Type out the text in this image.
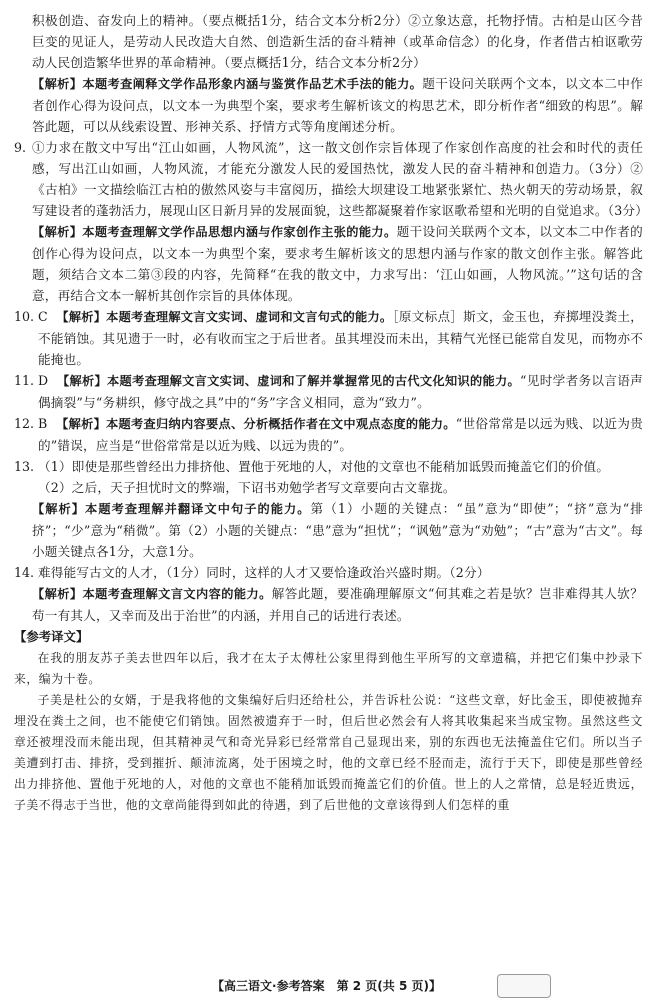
积极创造、奋发向上的精神。（要点概括1分，结合文本分析2分）②立象达意，托物抒情。古柏是山区今昔巨变的见证人，是劳动人民改造大自然、创造新生活的奋斗精神（或革命信念）的化身，作者借古柏讴歌劳动人民创造繁华世界的革命精神。（要点概括1分，结合文本分析2分）

【解析】本题考查阐释文学作品形象内涵与鉴赏作品艺术手法的能力。题干设问关联两个文本，以文本二中作者创作心得为设问点，以文本一为典型个案，要求考生解析该文的构思艺术，即分析作者“细致的构思”。解答此题，可以从线索设置、形神关系、抒情方式等角度阐述分析。

9. ①力求在散文中写出“江山如画，人物风流”，这一散文创作宗旨体现了作家创作高度的社会和时代的责任感，写出江山如画，人物风流，才能充分激发人民的爱国热忱，激发人民的奋斗精神和创造力。（3分）②《古柏》一文描绘临江古柏的傲然风姿与丰富阅历，描绘大坝建设工地紧张紧忙、热火朝天的劳动场景，叙写建设者的蓬勃活力，展现山区日新月异的发展面貌，这些都凝聚着作家讴歌希望和光明的自觉追求。（3分）

【解析】本题考查理解文学作品思想内涵与作家创作主张的能力。题干设问关联两个文本，以文本二中作者的创作心得为设问点，以文本一为典型个案，要求考生解析该文的思想内涵与作家的散文创作主张。解答此题，须结合文本二第③段的内容，先简释“在我的散文中，力求写出：‘江山如画，人物风流。’”这句话的含意，再结合文本一解析其创作宗旨的具体体现。

10. C 【解析】本题考查理解文言文实词、虚词和文言句式的能力。［原文标点］斯文，金玉也，弃掷埋没粪土，不能销蚀。其见遗于一时，必有收而宝之于后世者。虽其埋没而未出，其精气光怪已能常自发见，而物亦不能掩也。

11. D 【解析】本题考查理解文言文实词、虚词和了解并掌握常见的古代文化知识的能力。“见时学者务以言语声偶摘裂”与“务耕织，修守战之具”中的“务”字含义相同，意为“致力”。

12. B 【解析】本题考查归纳内容要点、分析概括作者在文中观点态度的能力。“世俗常常是以远为贱、以近为贵的”错误，应当是“世俗常常是以近为贱、以远为贵的”。

13. （1）即使是那些曾经出力排挤他、置他于死地的人，对他的文章也不能稍加诋毁而掩盖它们的价值。

（2）之后，天子担忧时文的弊端，下诏书劝勉学者写文章要向古文靠拢。

【解析】本题考查理解并翻译文中句子的能力。第（1）小题的关键点：“虽”意为“即使”；“挤”意为“排挤”；“少”意为“稍微”。第（2）小题的关键点：“患”意为“担忧”；“讽勉”意为“劝勉”；“古”意为“古文”。每小题关键点各1分，大意1分。

14. 难得能写古文的人才，（1分）同时，这样的人才又要恰逢政治兴盛时期。（2分）

【解析】本题考查理解文言文内容的能力。解答此题，要准确理解原文“何其难之若是欤？岂非难得其人欤？苟一有其人，又幸而及出于治世”的内涵，并用自己的话进行表述。

【参考译文】

在我的朋友苏子美去世四年以后，我才在太子太傅杜公家里得到他生平所写的文章遗稿，并把它们集中抄录下来，编为十卷。

子美是杜公的女婿，于是我将他的文集编好后归还给杜公，并告诉杜公说：“这些文章，好比金玉，即使被抛弃埋没在粪土之间，也不能使它们销蚀。固然被遗弃于一时，但后世必然会有人将其收集起来当成宝物。虽然这些文章还被埋没而未能出现，但其精神灵气和奇光异彩已经常常自己显现出来，别的东西也无法掩盖住它们。所以当子美遭到打击、排挤，受到摧折、颠沛流离，处于困境之时，他的文章已经不胫而走，流行于天下，即使是那些曾经出力排挤他、置他于死地的人，对他的文章也不能稍加诋毁而掩盖它们的价值。世上的人之常情，总是轻近贵远，子美不得志于当世，他的文章尚能得到如此的待遇，到了后世他的文章该得到人们怎样的重

【高三语文·参考答案　第 2 页(共 5 页)】
